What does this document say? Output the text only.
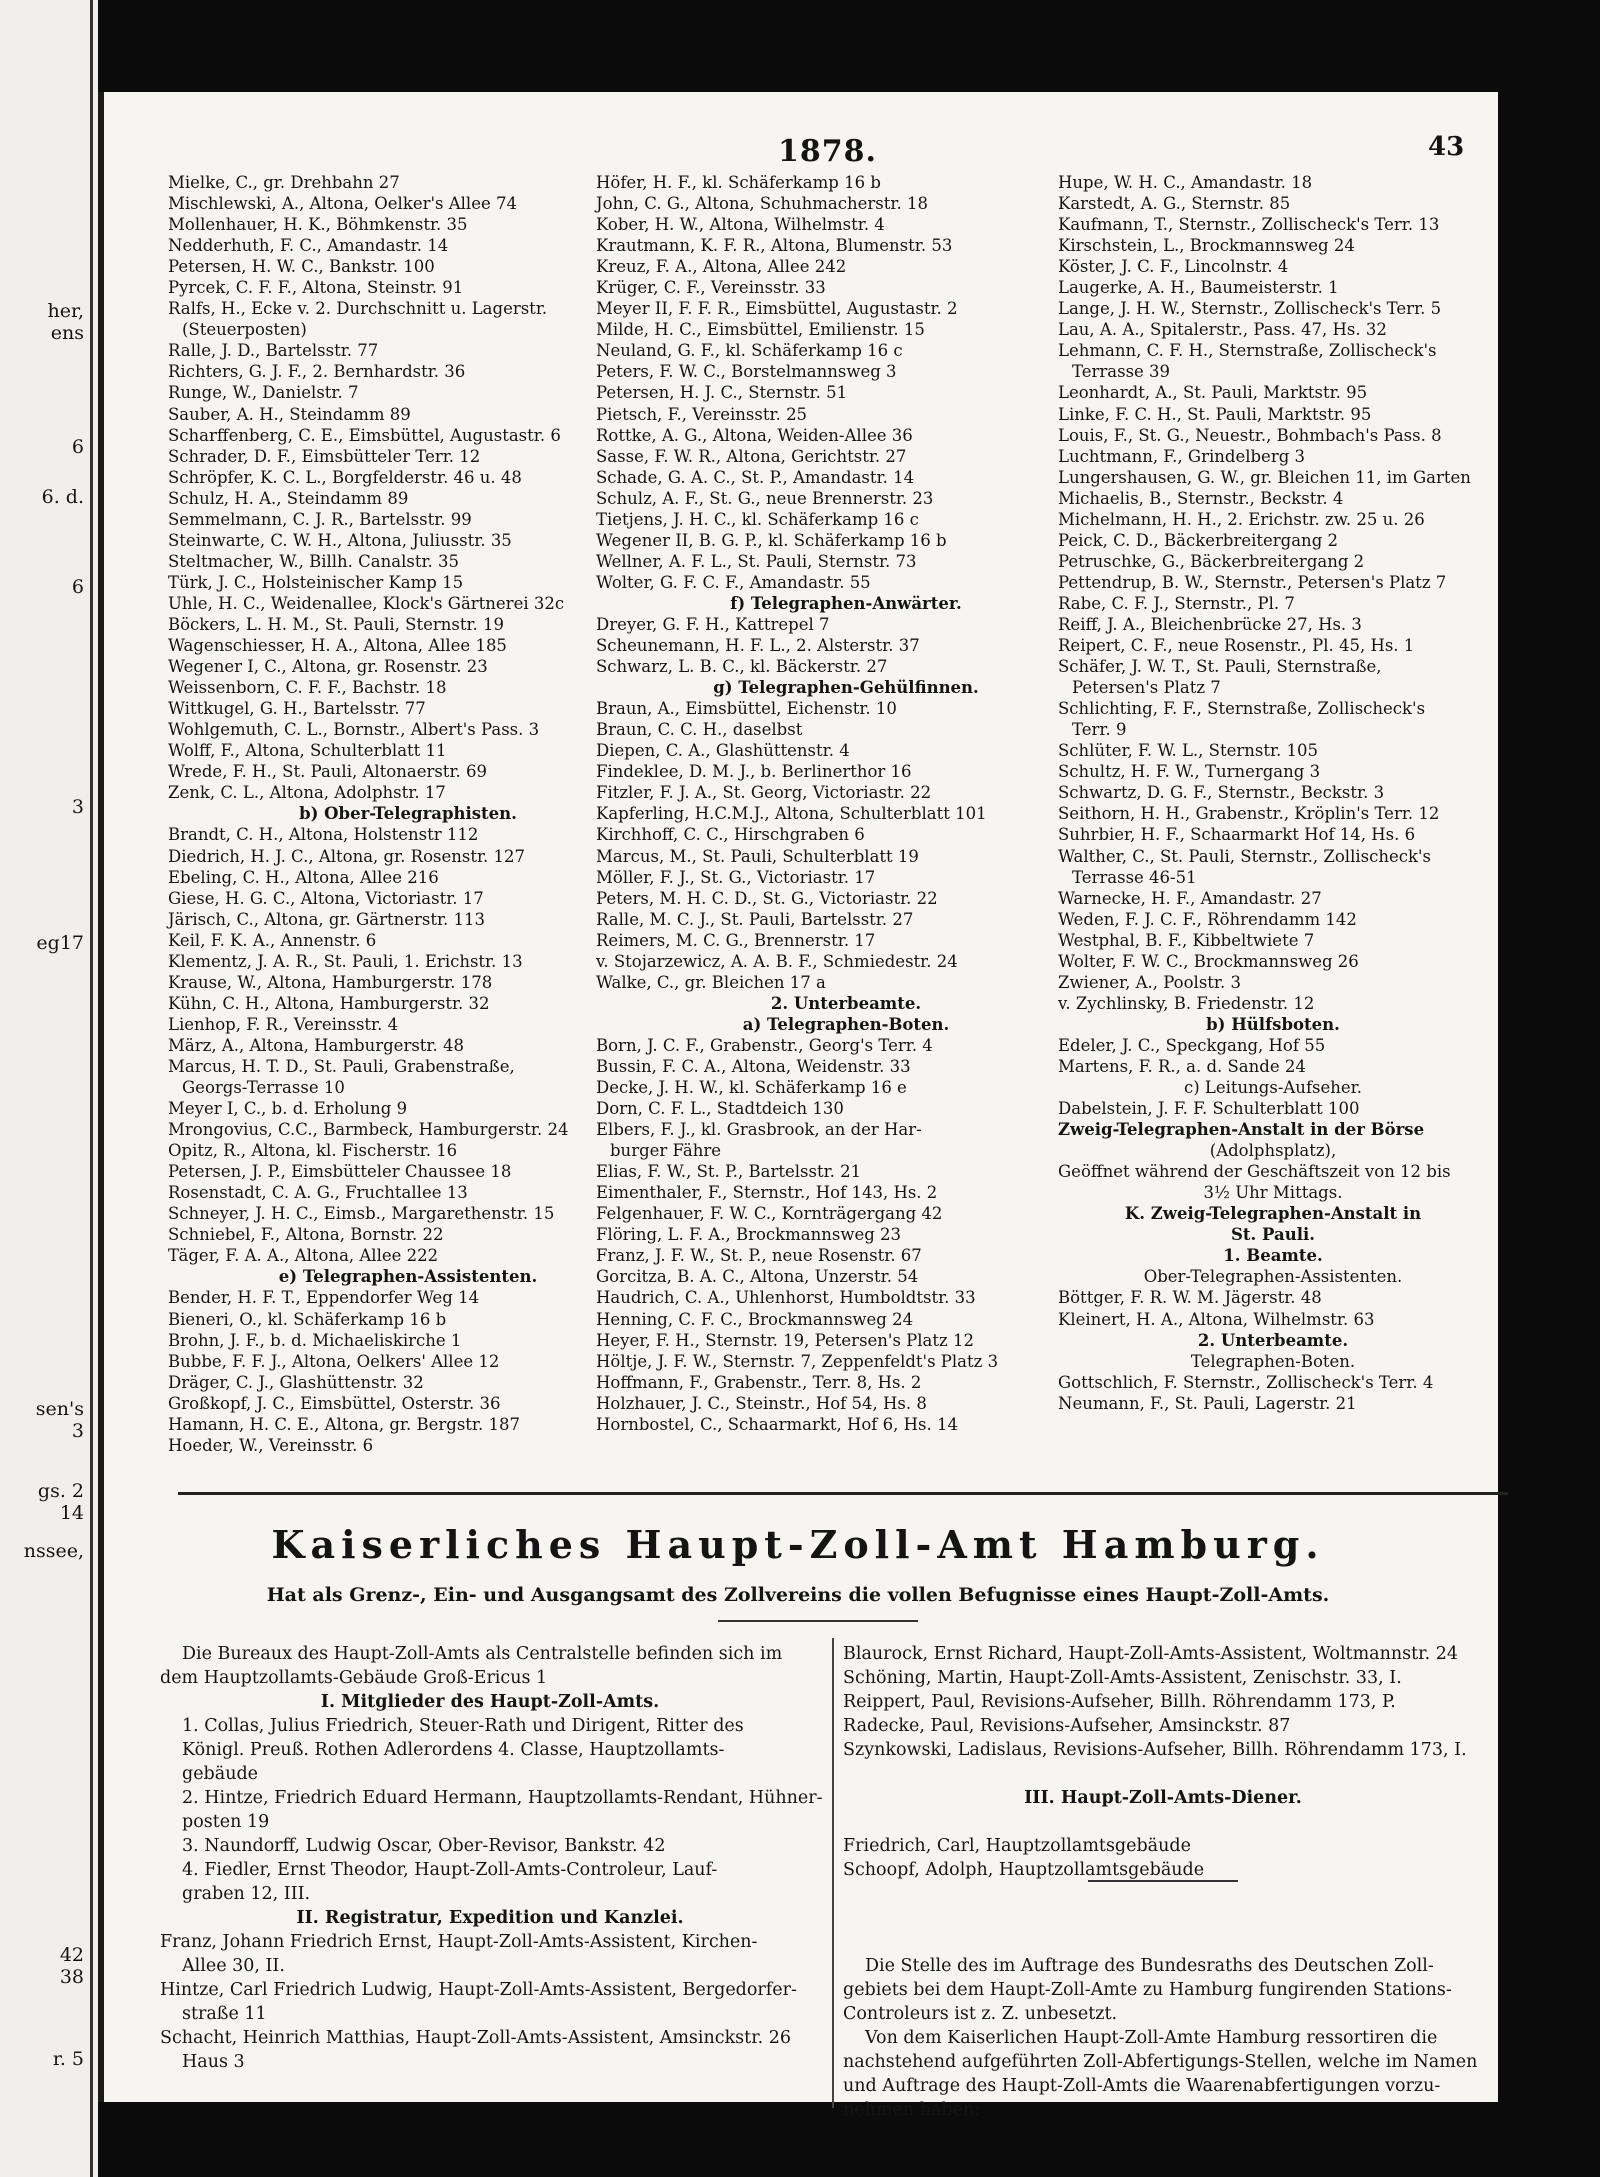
her,
ens
6
6. d.
6
3
eg17
sen's
3
gs. 2
14
nssee,
42
38
r. 5
1878.	43
Mielke, C., gr. Drehbahn 27
Mischlewski, A., Altona, Oelker's Allee 74
Mollenhauer, H. K., Böhmkenstr. 35
Nedderhuth, F. C., Amandastr. 14
Petersen, H. W. C., Bankstr. 100
Pyrcek, C. F. F., Altona, Steinstr. 91
Ralfs, H., Ecke v. 2. Durchschnitt u. Lagerstr.
(Steuerposten)
Ralle, J. D., Bartelsstr. 77
Richters, G. J. F., 2. Bernhardstr. 36
Runge, W., Danielstr. 7
Sauber, A. H., Steindamm 89
Scharffenberg, C. E., Eimsbüttel, Augustastr. 6
Schrader, D. F., Eimsbütteler Terr. 12
Schröpfer, K. C. L., Borgfelderstr. 46 u. 48
Schulz, H. A., Steindamm 89
Semmelmann, C. J. R., Bartelsstr. 99
Steinwarte, C. W. H., Altona, Juliusstr. 35
Steltmacher, W., Billh. Canalstr. 35
Türk, J. C., Holsteinischer Kamp 15
Uhle, H. C., Weidenallee, Klock's Gärtnerei 32c
Böckers, L. H. M., St. Pauli, Sternstr. 19
Wagenschiesser, H. A., Altona, Allee 185
Wegener I, C., Altona, gr. Rosenstr. 23
Weissenborn, C. F. F., Bachstr. 18
Wittkugel, G. H., Bartelsstr. 77
Wohlgemuth, C. L., Bornstr., Albert's Pass. 3
Wolff, F., Altona, Schulterblatt 11
Wrede, F. H., St. Pauli, Altonaerstr. 69
Zenk, C. L., Altona, Adolphstr. 17
b) Ober-Telegraphisten.
Brandt, C. H., Altona, Holstenstr 112
Diedrich, H. J. C., Altona, gr. Rosenstr. 127
Ebeling, C. H., Altona, Allee 216
Giese, H. G. C., Altona, Victoriastr. 17
Järisch, C., Altona, gr. Gärtnerstr. 113
Keil, F. K. A., Annenstr. 6
Klementz, J. A. R., St. Pauli, 1. Erichstr. 13
Krause, W., Altona, Hamburgerstr. 178
Kühn, C. H., Altona, Hamburgerstr. 32
Lienhop, F. R., Vereinsstr. 4
März, A., Altona, Hamburgerstr. 48
Marcus, H. T. D., St. Pauli, Grabenstraße,
Georgs-Terrasse 10
Meyer I, C., b. d. Erholung 9
Mrongovius, C.C., Barmbeck, Hamburgerstr. 24
Opitz, R., Altona, kl. Fischerstr. 16
Petersen, J. P., Eimsbütteler Chaussee 18
Rosenstadt, C. A. G., Fruchtallee 13
Schneyer, J. H. C., Eimsb., Margarethenstr. 15
Schniebel, F., Altona, Bornstr. 22
Täger, F. A. A., Altona, Allee 222
e) Telegraphen-Assistenten.
Bender, H. F. T., Eppendorfer Weg 14
Bieneri, O., kl. Schäferkamp 16 b
Brohn, J. F., b. d. Michaeliskirche 1
Bubbe, F. F. J., Altona, Oelkers' Allee 12
Dräger, C. J., Glashüttenstr. 32
Großkopf, J. C., Eimsbüttel, Osterstr. 36
Hamann, H. C. E., Altona, gr. Bergstr. 187
Hoeder, W., Vereinsstr. 6
Höfer, H. F., kl. Schäferkamp 16 b
John, C. G., Altona, Schuhmacherstr. 18
Kober, H. W., Altona, Wilhelmstr. 4
Krautmann, K. F. R., Altona, Blumenstr. 53
Kreuz, F. A., Altona, Allee 242
Krüger, C. F., Vereinsstr. 33
Meyer II, F. F. R., Eimsbüttel, Augustastr. 2
Milde, H. C., Eimsbüttel, Emilienstr. 15
Neuland, G. F., kl. Schäferkamp 16 c
Peters, F. W. C., Borstelmannsweg 3
Petersen, H. J. C., Sternstr. 51
Pietsch, F., Vereinsstr. 25
Rottke, A. G., Altona, Weiden-Allee 36
Sasse, F. W. R., Altona, Gerichtstr. 27
Schade, G. A. C., St. P., Amandastr. 14
Schulz, A. F., St. G., neue Brennerstr. 23
Tietjens, J. H. C., kl. Schäferkamp 16 c
Wegener II, B. G. P., kl. Schäferkamp 16 b
Wellner, A. F. L., St. Pauli, Sternstr. 73
Wolter, G. F. C. F., Amandastr. 55
f) Telegraphen-Anwärter.
Dreyer, G. F. H., Kattrepel 7
Scheunemann, H. F. L., 2. Alsterstr. 37
Schwarz, L. B. C., kl. Bäckerstr. 27
g) Telegraphen-Gehülfinnen.
Braun, A., Eimsbüttel, Eichenstr. 10
Braun, C. C. H., daselbst
Diepen, C. A., Glashüttenstr. 4
Findeklee, D. M. J., b. Berlinerthor 16
Fitzler, F. J. A., St. Georg, Victoriastr. 22
Kapferling, H.C.M.J., Altona, Schulterblatt 101
Kirchhoff, C. C., Hirschgraben 6
Marcus, M., St. Pauli, Schulterblatt 19
Möller, F. J., St. G., Victoriastr. 17
Peters, M. H. C. D., St. G., Victoriastr. 22
Ralle, M. C. J., St. Pauli, Bartelsstr. 27
Reimers, M. C. G., Brennerstr. 17
v. Stojarzewicz, A. A. B. F., Schmiedestr. 24
Walke, C., gr. Bleichen 17 a
2. Unterbeamte.
a) Telegraphen-Boten.
Born, J. C. F., Grabenstr., Georg's Terr. 4
Bussin, F. C. A., Altona, Weidenstr. 33
Decke, J. H. W., kl. Schäferkamp 16 e
Dorn, C. F. L., Stadtdeich 130
Elbers, F. J., kl. Grasbrook, an der Har-
burger Fähre
Elias, F. W., St. P., Bartelsstr. 21
Eimenthaler, F., Sternstr., Hof 143, Hs. 2
Felgenhauer, F. W. C., Kornträgergang 42
Flöring, L. F. A., Brockmannsweg 23
Franz, J. F. W., St. P., neue Rosenstr. 67
Gorcitza, B. A. C., Altona, Unzerstr. 54
Haudrich, C. A., Uhlenhorst, Humboldtstr. 33
Henning, C. F. C., Brockmannsweg 24
Heyer, F. H., Sternstr. 19, Petersen's Platz 12
Höltje, J. F. W., Sternstr. 7, Zeppenfeldt's Platz 3
Hoffmann, F., Grabenstr., Terr. 8, Hs. 2
Holzhauer, J. C., Steinstr., Hof 54, Hs. 8
Hornbostel, C., Schaarmarkt, Hof 6, Hs. 14
Hupe, W. H. C., Amandastr. 18
Karstedt, A. G., Sternstr. 85
Kaufmann, T., Sternstr., Zollischeck's Terr. 13
Kirschstein, L., Brockmannsweg 24
Köster, J. C. F., Lincolnstr. 4
Laugerke, A. H., Baumeisterstr. 1
Lange, J. H. W., Sternstr., Zollischeck's Terr. 5
Lau, A. A., Spitalerstr., Pass. 47, Hs. 32
Lehmann, C. F. H., Sternstraße, Zollischeck's
Terrasse 39
Leonhardt, A., St. Pauli, Marktstr. 95
Linke, F. C. H., St. Pauli, Marktstr. 95
Louis, F., St. G., Neuestr., Bohmbach's Pass. 8
Luchtmann, F., Grindelberg 3
Lungershausen, G. W., gr. Bleichen 11, im Garten
Michaelis, B., Sternstr., Beckstr. 4
Michelmann, H. H., 2. Erichstr. zw. 25 u. 26
Peick, C. D., Bäckerbreitergang 2
Petruschke, G., Bäckerbreitergang 2
Pettendrup, B. W., Sternstr., Petersen's Platz 7
Rabe, C. F. J., Sternstr., Pl. 7
Reiff, J. A., Bleichenbrücke 27, Hs. 3
Reipert, C. F., neue Rosenstr., Pl. 45, Hs. 1
Schäfer, J. W. T., St. Pauli, Sternstraße,
Petersen's Platz 7
Schlichting, F. F., Sternstraße, Zollischeck's
Terr. 9
Schlüter, F. W. L., Sternstr. 105
Schultz, H. F. W., Turnergang 3
Schwartz, D. G. F., Sternstr., Beckstr. 3
Seithorn, H. H., Grabenstr., Kröplin's Terr. 12
Suhrbier, H. F., Schaarmarkt Hof 14, Hs. 6
Walther, C., St. Pauli, Sternstr., Zollischeck's
Terrasse 46-51
Warnecke, H. F., Amandastr. 27
Weden, F. J. C. F., Röhrendamm 142
Westphal, B. F., Kibbeltwiete 7
Wolter, F. W. C., Brockmannsweg 26
Zwiener, A., Poolstr. 3
v. Zychlinsky, B. Friedenstr. 12
b) Hülfsboten.
Edeler, J. C., Speckgang, Hof 55
Martens, F. R., a. d. Sande 24
c) Leitungs-Aufseher.
Dabelstein, J. F. F. Schulterblatt 100
Zweig-Telegraphen-Anstalt in der Börse
(Adolphsplatz),
Geöffnet während der Geschäftszeit von 12 bis
3½ Uhr Mittags.
K. Zweig-Telegraphen-Anstalt in
St. Pauli.
1. Beamte.
Ober-Telegraphen-Assistenten.
Böttger, F. R. W. M. Jägerstr. 48
Kleinert, H. A., Altona, Wilhelmstr. 63
2. Unterbeamte.
Telegraphen-Boten.
Gottschlich, F. Sternstr., Zollischeck's Terr. 4
Neumann, F., St. Pauli, Lagerstr. 21
Kaiserliches Haupt-Zoll-Amt Hamburg.
Hat als Grenz-, Ein- und Ausgangsamt des Zollvereins die vollen Befugnisse eines Haupt-Zoll-Amts.
Die Bureaux des Haupt-Zoll-Amts als Centralstelle befinden sich im
dem Hauptzollamts-Gebäude Groß-Ericus 1
I. Mitglieder des Haupt-Zoll-Amts.
1. Collas, Julius Friedrich, Steuer-Rath und Dirigent, Ritter des
Königl. Preuß. Rothen Adlerordens 4. Classe, Hauptzollamts-
gebäude
2. Hintze, Friedrich Eduard Hermann, Hauptzollamts-Rendant, Hühner-
posten 19
3. Naundorff, Ludwig Oscar, Ober-Revisor, Bankstr. 42
4. Fiedler, Ernst Theodor, Haupt-Zoll-Amts-Controleur, Lauf-
graben 12, III.
II. Registratur, Expedition und Kanzlei.
Franz, Johann Friedrich Ernst, Haupt-Zoll-Amts-Assistent, Kirchen-
Allee 30, II.
Hintze, Carl Friedrich Ludwig, Haupt-Zoll-Amts-Assistent, Bergedorfer-
straße 11
Schacht, Heinrich Matthias, Haupt-Zoll-Amts-Assistent, Amsinckstr. 26
Haus 3
Blaurock, Ernst Richard, Haupt-Zoll-Amts-Assistent, Woltmannstr. 24
Schöning, Martin, Haupt-Zoll-Amts-Assistent, Zenischstr. 33, I.
Reippert, Paul, Revisions-Aufseher, Billh. Röhrendamm 173, P.
Radecke, Paul, Revisions-Aufseher, Amsinckstr. 87
Szynkowski, Ladislaus, Revisions-Aufseher, Billh. Röhrendamm 173, I.
III. Haupt-Zoll-Amts-Diener.
Friedrich, Carl, Hauptzollamtsgebäude
Schoopf, Adolph, Hauptzollamtsgebäude
Die Stelle des im Auftrage des Bundesraths des Deutschen Zoll-
gebiets bei dem Haupt-Zoll-Amte zu Hamburg fungirenden Stations-
Controleurs ist z. Z. unbesetzt.
Von dem Kaiserlichen Haupt-Zoll-Amte Hamburg ressortiren die
nachstehend aufgeführten Zoll-Abfertigungs-Stellen, welche im Namen
und Auftrage des Haupt-Zoll-Amts die Waarenabfertigungen vorzu-
nehmen haben:
